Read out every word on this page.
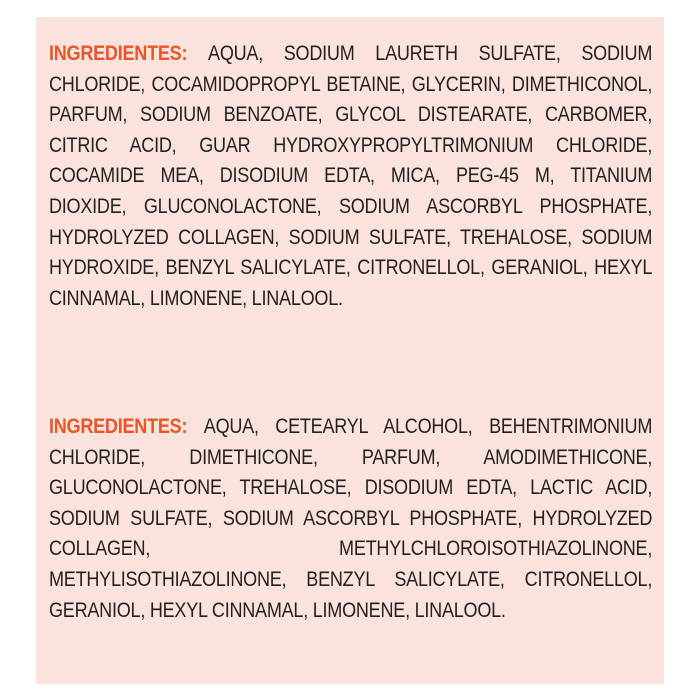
INGREDIENTES: AQUA, SODIUM LAURETH SULFATE, SODIUM CHLORIDE, COCAMIDOPROPYL BETAINE, GLYCERIN, DIMETHICONOL, PARFUM, SODIUM BENZOATE, GLYCOL DISTEARATE, CARBOMER, CITRIC ACID, GUAR HYDROXYPROPYLTRIMONIUM CHLORIDE, COCAMIDE MEA, DISODIUM EDTA, MICA, PEG-45 M, TITANIUM DIOXIDE, GLUCONOLACTONE, SODIUM ASCORBYL PHOSPHATE, HYDROLYZED COLLAGEN, SODIUM SULFATE, TREHALOSE, SODIUM HYDROXIDE, BENZYL SALICYLATE, CITRONELLOL, GERANIOL, HEXYL CINNAMAL, LIMONENE, LINALOOL.
INGREDIENTES: AQUA, CETEARYL ALCOHOL, BEHENTRIMONIUM CHLORIDE, DIMETHICONE, PARFUM, AMODIMETHICONE, GLUCONOLACTONE, TREHALOSE, DISODIUM EDTA, LACTIC ACID, SODIUM SULFATE, SODIUM ASCORBYL PHOSPHATE, HYDROLYZED COLLAGEN, METHYLCHLOROISOTHIAZOLINONE, METHYLISOTHIAZOLINONE, BENZYL SALICYLATE, CITRONELLOL, GERANIOL, HEXYL CINNAMAL, LIMONENE, LINALOOL.
